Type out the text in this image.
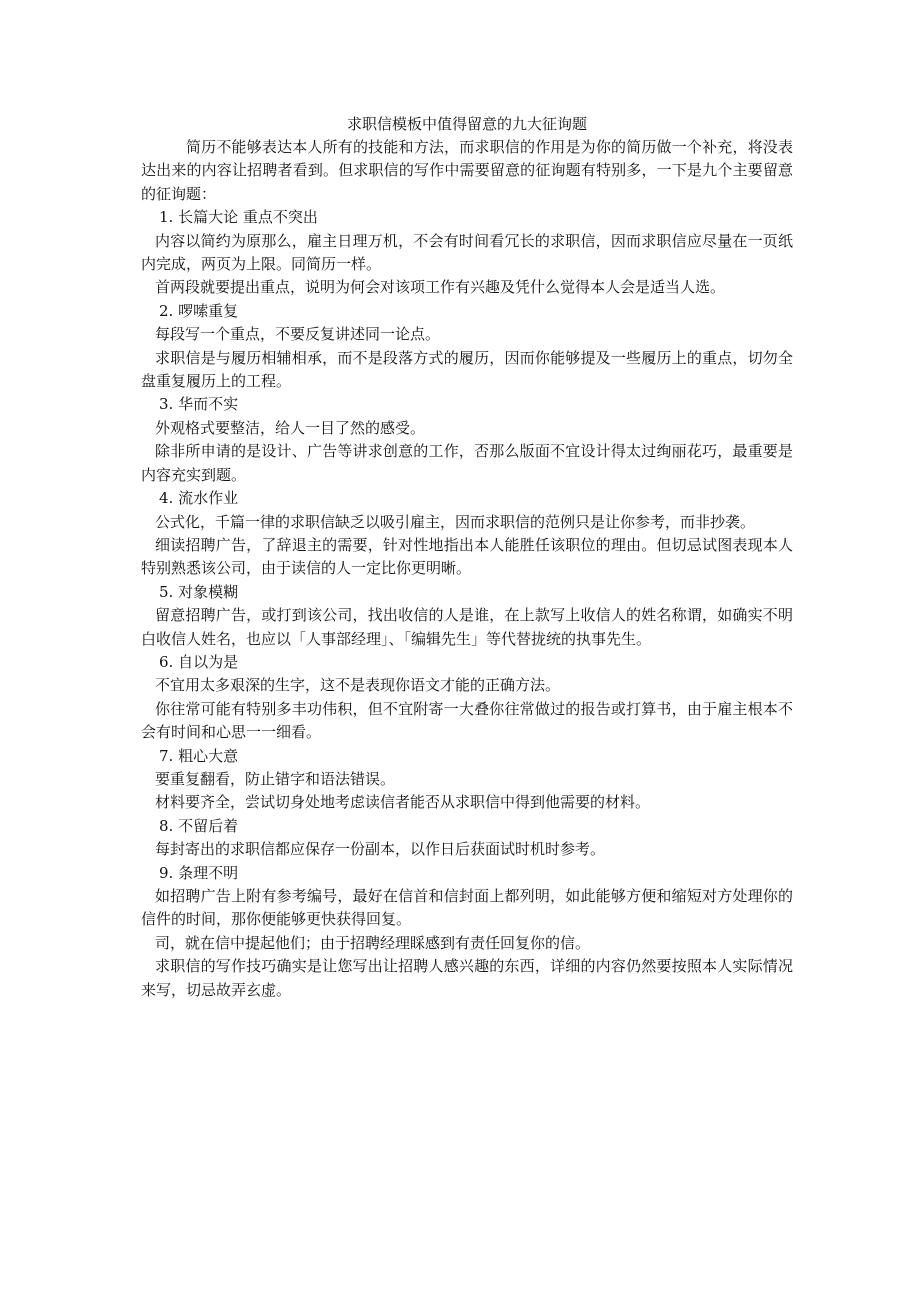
求职信模板中值得留意的九大征询题

简历不能够表达本人所有的技能和方法，而求职信的作用是为你的简历做一个补充，将没表达出来的内容让招聘者看到。但求职信的写作中需要留意的征询题有特别多，一下是九个主要留意的征询题：

1. 长篇大论 重点不突出

内容以简约为原那么，雇主日理万机，不会有时间看冗长的求职信，因而求职信应尽量在一页纸内完成，两页为上限。同简历一样。

首两段就要提出重点，说明为何会对该项工作有兴趣及凭什么觉得本人会是适当人选。

2. 啰嗦重复

每段写一个重点，不要反复讲述同一论点。

求职信是与履历相辅相承，而不是段落方式的履历，因而你能够提及一些履历上的重点，切勿全盘重复履历上的工程。

3. 华而不实

外观格式要整洁，给人一目了然的感受。

除非所申请的是设计、广告等讲求创意的工作，否那么版面不宜设计得太过绚丽花巧，最重要是内容充实到题。

4. 流水作业

公式化，千篇一律的求职信缺乏以吸引雇主，因而求职信的范例只是让你参考，而非抄袭。

细读招聘广告，了辞退主的需要，针对性地指出本人能胜任该职位的理由。但切忌试图表现本人特别熟悉该公司，由于读信的人一定比你更明晰。

5. 对象模糊

留意招聘广告，或打到该公司，找出收信的人是谁，在上款写上收信人的姓名称谓，如确实不明白收信人姓名，也应以「人事部经理」、「编辑先生」等代替拢统的执事先生。

6. 自以为是

不宜用太多艰深的生字，这不是表现你语文才能的正确方法。

你往常可能有特别多丰功伟积，但不宜附寄一大叠你往常做过的报告或打算书，由于雇主根本不会有时间和心思一一细看。

7. 粗心大意

要重复翻看，防止错字和语法错误。

材料要齐全，尝试切身处地考虑读信者能否从求职信中得到他需要的材料。

8. 不留后着

每封寄出的求职信都应保存一份副本，以作日后获面试时机时参考。

9. 条理不明

如招聘广告上附有参考编号，最好在信首和信封面上都列明，如此能够方便和缩短对方处理你的信件的时间，那你便能够更快获得回复。

司，就在信中提起他们；由于招聘经理睬感到有责任回复你的信。

求职信的写作技巧确实是让您写出让招聘人感兴趣的东西，详细的内容仍然要按照本人实际情况来写，切忌故弄玄虚。
